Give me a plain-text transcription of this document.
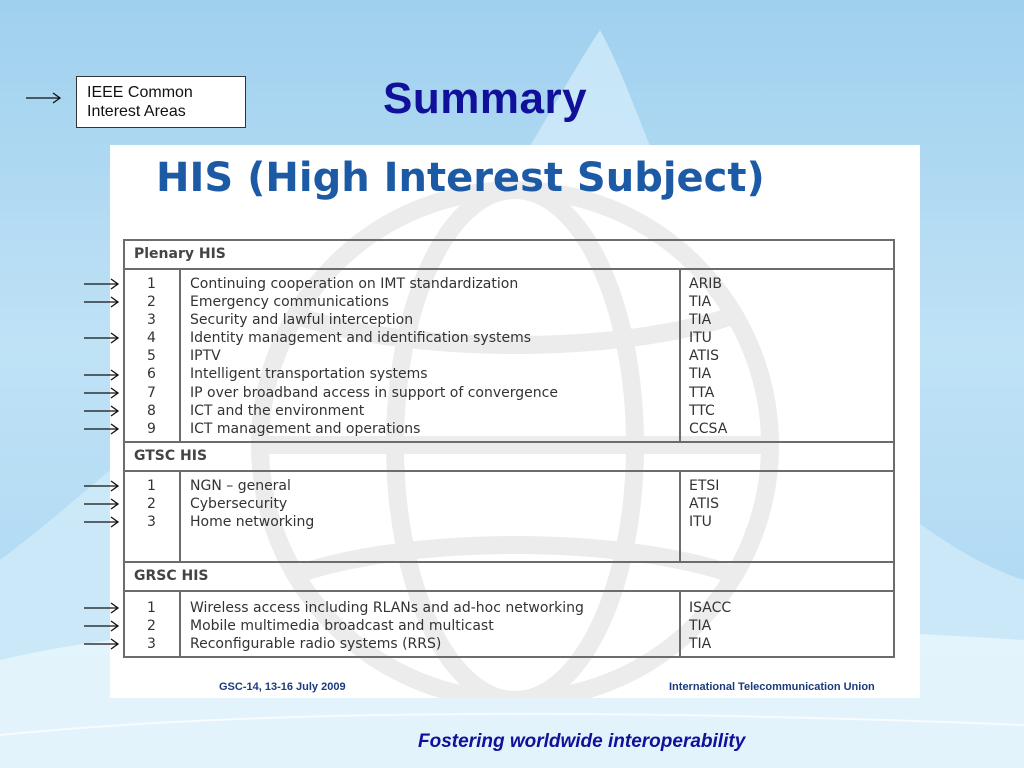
IEEE Common
Interest Areas	Summary
HIS (High Interest Subject)
Plenary HIS
1
2
3
4
5
6
7
8
9
Continuing cooperation on IMT standardization
Emergency communications
Security and lawful interception
Identity management and identification systems
IPTV
Intelligent transportation systems
IP over broadband access in support of convergence
ICT and the environment
ICT management and operations
ARIB
TIA
TIA
ITU
ATIS
TIA
TTA
TTC
CCSA
GTSC HIS
1
2
3
NGN – general
Cybersecurity
Home networking
ETSI
ATIS
ITU
GRSC HIS
1
2
3
Wireless access including RLANs and ad-hoc networking
Mobile multimedia broadcast and multicast
Reconfigurable radio systems (RRS)
ISACC
TIA
TIA
GSC-14, 13-16 July 2009	International Telecommunication Union

Fostering worldwide interoperability
